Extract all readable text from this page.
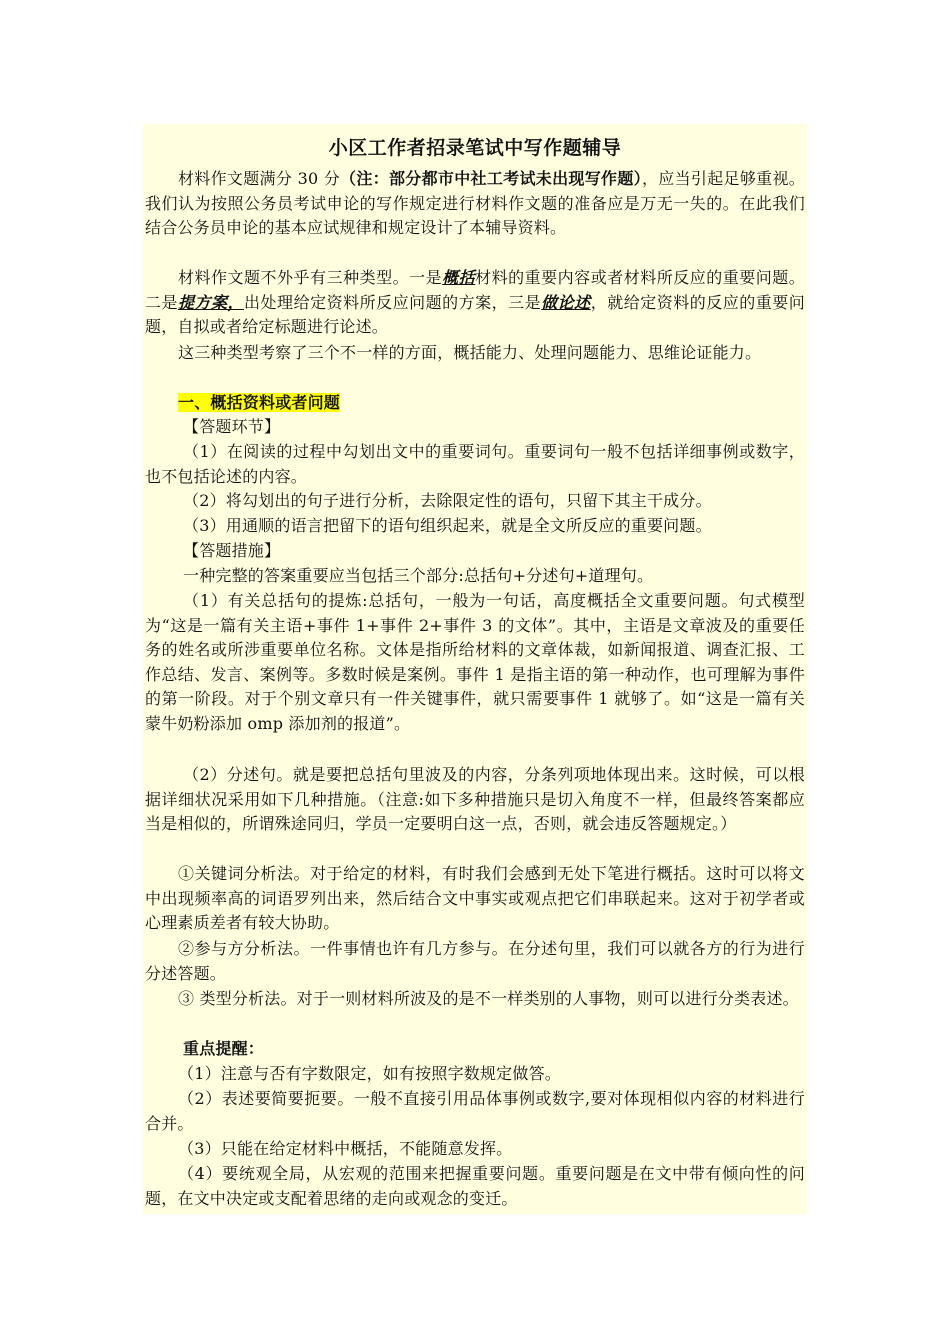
小区工作者招录笔试中写作题辅导

材料作文题满分 30 分（注：部分都市中社工考试未出现写作题），应当引起足够重视。我们认为按照公务员考试申论的写作规定进行材料作文题的准备应是万无一失的。在此我们结合公务员申论的基本应试规律和规定设计了本辅导资料。

材料作文题不外乎有三种类型。一是概括材料的重要内容或者材料所反应的重要问题。二是提方案，出处理给定资料所反应问题的方案，三是做论述，就给定资料的反应的重要问题，自拟或者给定标题进行论述。

这三种类型考察了三个不一样的方面，概括能力、处理问题能力、思维论证能力。

一、概括资料或者问题

【答题环节】

（1）在阅读的过程中勾划出文中的重要词句。重要词句一般不包括详细事例或数字，也不包括论述的内容。

（2）将勾划出的句子进行分析，去除限定性的语句，只留下其主干成分。

（3）用通顺的语言把留下的语句组织起来，就是全文所反应的重要问题。

【答题措施】

一种完整的答案重要应当包括三个部分:总括句+分述句+道理句。

（1）有关总括句的提炼:总括句，一般为一句话，高度概括全文重要问题。句式模型为“这是一篇有关主语+事件 1+事件 2+事件 3 的文体”。其中，主语是文章波及的重要任务的姓名或所涉重要单位名称。文体是指所给材料的文章体裁，如新闻报道、调查汇报、工作总结、发言、案例等。多数时候是案例。事件 1 是指主语的第一种动作，也可理解为事件的第一阶段。对于个别文章只有一件关键事件，就只需要事件 1 就够了。如“这是一篇有关蒙牛奶粉添加 omp 添加剂的报道”。

（2）分述句。就是要把总括句里波及的内容，分条列项地体现出来。这时候，可以根据详细状况采用如下几种措施。（注意:如下多种措施只是切入角度不一样，但最终答案都应当是相似的，所谓殊途同归，学员一定要明白这一点，否则，就会违反答题规定。）

①关键词分析法。对于给定的材料，有时我们会感到无处下笔进行概括。这时可以将文中出现频率高的词语罗列出来，然后结合文中事实或观点把它们串联起来。这对于初学者或心理素质差者有较大协助。

②参与方分析法。一件事情也许有几方参与。在分述句里，我们可以就各方的行为进行分述答题。

③ 类型分析法。对于一则材料所波及的是不一样类别的人事物，则可以进行分类表述。

重点提醒：

（1）注意与否有字数限定，如有按照字数规定做答。

（2）表述要简要扼要。一般不直接引用品体事例或数字,要对体现相似内容的材料进行合并。

（3）只能在给定材料中概括，不能随意发挥。

（4）要统观全局，从宏观的范围来把握重要问题。重要问题是在文中带有倾向性的问题，在文中决定或支配着思绪的走向或观念的变迁。
